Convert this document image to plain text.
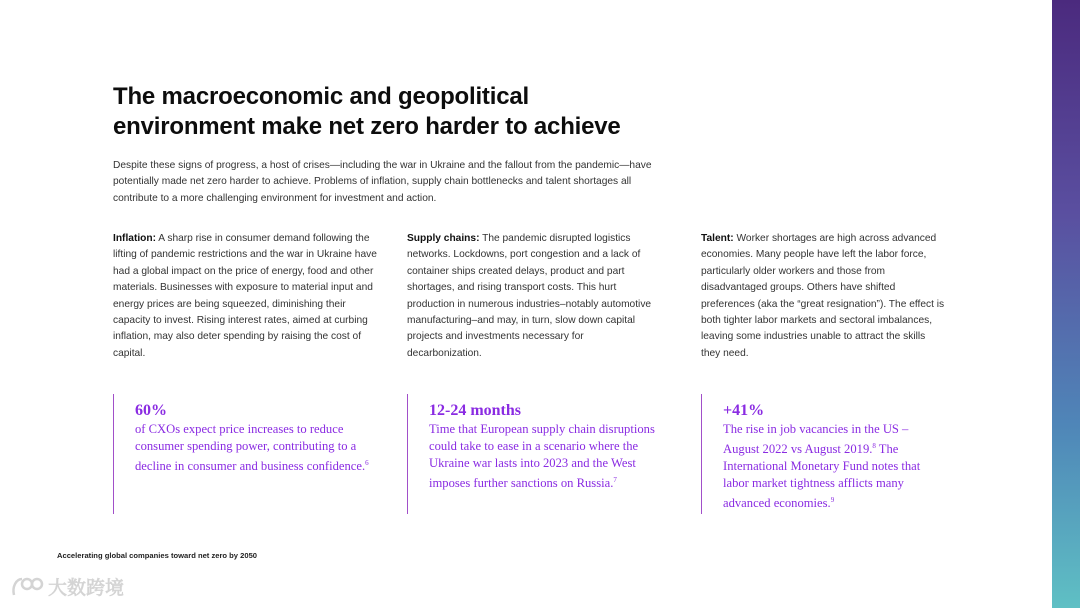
The macroeconomic and geopolitical
environment make net zero harder to achieve

Despite these signs of progress, a host of crises—including the war in Ukraine and the fallout from the pandemic—have potentially made net zero harder to achieve. Problems of inflation, supply chain bottlenecks and talent shortages all contribute to a more challenging environment for investment and action.

Inflation: A sharp rise in consumer demand following the lifting of pandemic restrictions and the war in Ukraine have had a global impact on the price of energy, food and other materials. Businesses with exposure to material input and energy prices are being squeezed, diminishing their capacity to invest. Rising interest rates, aimed at curbing inflation, may also deter spending by raising the cost of capital.

Supply chains: The pandemic disrupted logistics networks. Lockdowns, port congestion and a lack of container ships created delays, product and part shortages, and rising transport costs. This hurt production in numerous industries–notably automotive manufacturing–and may, in turn, slow down capital projects and investments necessary for decarbonization.

Talent: Worker shortages are high across advanced economies. Many people have left the labor force, particularly older workers and those from disadvantaged groups. Others have shifted preferences (aka the “great resignation”). The effect is both tighter labor markets and sectoral imbalances, leaving some industries unable to attract the skills they need.

60%
of CXOs expect price increases to reduce consumer spending power, contributing to a decline in consumer and business confidence.$^6$
12-24 months
Time that European supply chain disruptions could take to ease in a scenario where the Ukraine war lasts into 2023 and the West imposes further sanctions on Russia.$^7$
+41%
The rise in job vacancies in the US – August 2022 vs August 2019.$^8$ The International Monetary Fund notes that labor market tightness afflicts many advanced economies.$^9$

Accelerating global companies toward net zero by 2050

大数跨境
